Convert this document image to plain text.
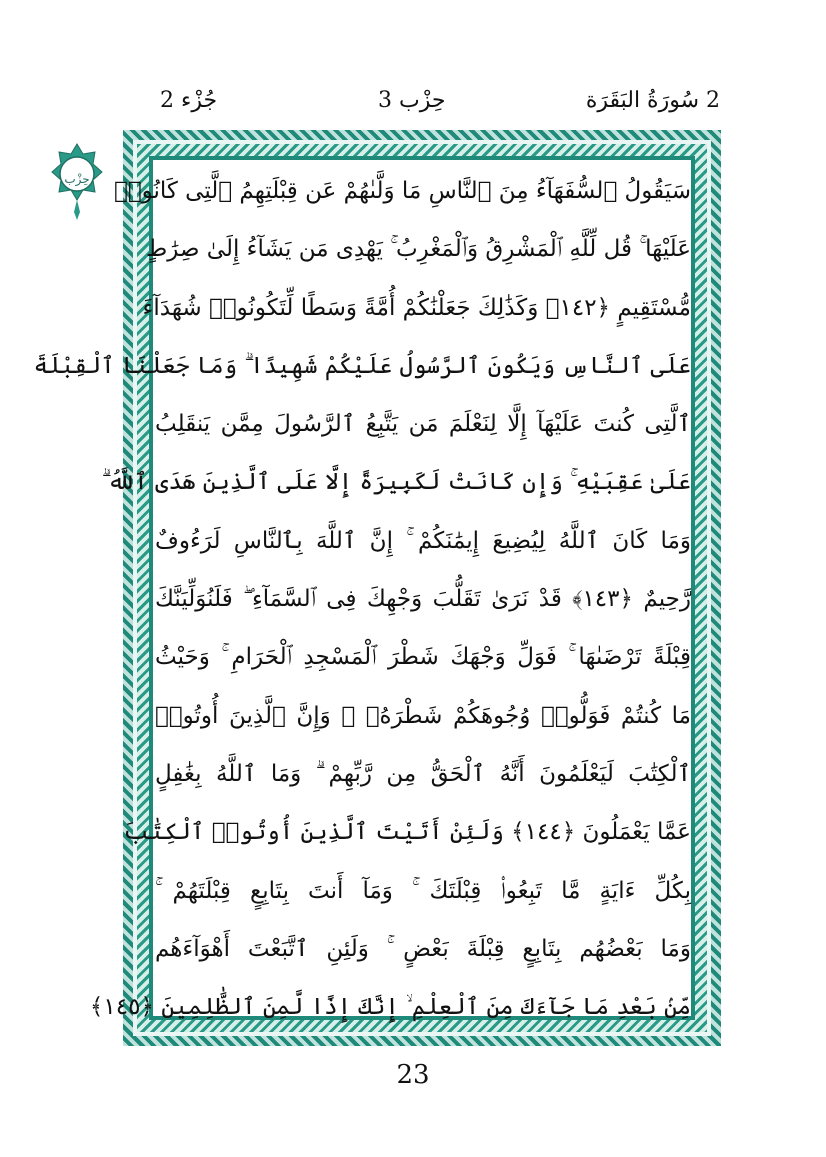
جُزْء 2	حِزْب 3	2 سُورَةُ البَقَرَة
حِزْب	سَيَقُولُ ٱلسُّفَهَآءُ مِنَ ٱلنَّاسِ مَا وَلَّىٰهُمْ عَن قِبْلَتِهِمُ ٱلَّتِى كَانُوا۟
عَلَيْهَا ۚ قُل لِّلَّهِ ٱلْمَشْرِقُ وَٱلْمَغْرِبُ ۚ يَهْدِى مَن يَشَآءُ إِلَىٰ صِرَٰطٍ
مُّسْتَقِيمٍ ﴿١٤٢﴾ وَكَذَٰلِكَ جَعَلْنَٰكُمْ أُمَّةً وَسَطًا لِّتَكُونُوا۟ شُهَدَآءَ
عَلَى ٱلنَّاسِ وَيَكُونَ ٱلرَّسُولُ عَلَيْكُمْ شَهِيدًا ۗ وَمَا جَعَلْنَا ٱلْقِبْلَةَ
ٱلَّتِى كُنتَ عَلَيْهَآ إِلَّا لِنَعْلَمَ مَن يَتَّبِعُ ٱلرَّسُولَ مِمَّن يَنقَلِبُ
عَلَىٰ عَقِبَيْهِ ۚ وَإِن كَانَتْ لَكَبِيرَةً إِلَّا عَلَى ٱلَّذِينَ هَدَى ٱللَّهُ ۗ
وَمَا كَانَ ٱللَّهُ لِيُضِيعَ إِيمَٰنَكُمْ ۚ إِنَّ ٱللَّهَ بِٱلنَّاسِ لَرَءُوفٌ
رَّحِيمٌ ﴿١٤٣﴾ قَدْ نَرَىٰ تَقَلُّبَ وَجْهِكَ فِى ٱلسَّمَآءِ ۖ فَلَنُوَلِّيَنَّكَ
قِبْلَةً تَرْضَىٰهَا ۚ فَوَلِّ وَجْهَكَ شَطْرَ ٱلْمَسْجِدِ ٱلْحَرَامِ ۚ وَحَيْثُ
مَا كُنتُمْ فَوَلُّوا۟ وُجُوهَكُمْ شَطْرَهُۥ ۗ وَإِنَّ ٱلَّذِينَ أُوتُوا۟
ٱلْكِتَٰبَ لَيَعْلَمُونَ أَنَّهُ ٱلْحَقُّ مِن رَّبِّهِمْ ۗ وَمَا ٱللَّهُ بِغَٰفِلٍ
عَمَّا يَعْمَلُونَ ﴿١٤٤﴾ وَلَئِنْ أَتَيْتَ ٱلَّذِينَ أُوتُوا۟ ٱلْكِتَٰبَ
بِكُلِّ ءَايَةٍ مَّا تَبِعُوا۟ قِبْلَتَكَ ۚ وَمَآ أَنتَ بِتَابِعٍ قِبْلَتَهُمْ ۚ
وَمَا بَعْضُهُم بِتَابِعٍ قِبْلَةَ بَعْضٍ ۚ وَلَئِنِ ٱتَّبَعْتَ أَهْوَآءَهُم
مِّنۢ بَعْدِ مَا جَآءَكَ مِنَ ٱلْعِلْمِ ۙ إِنَّكَ إِذًا لَّمِنَ ٱلظَّٰلِمِينَ ﴿١٤٥﴾
23
